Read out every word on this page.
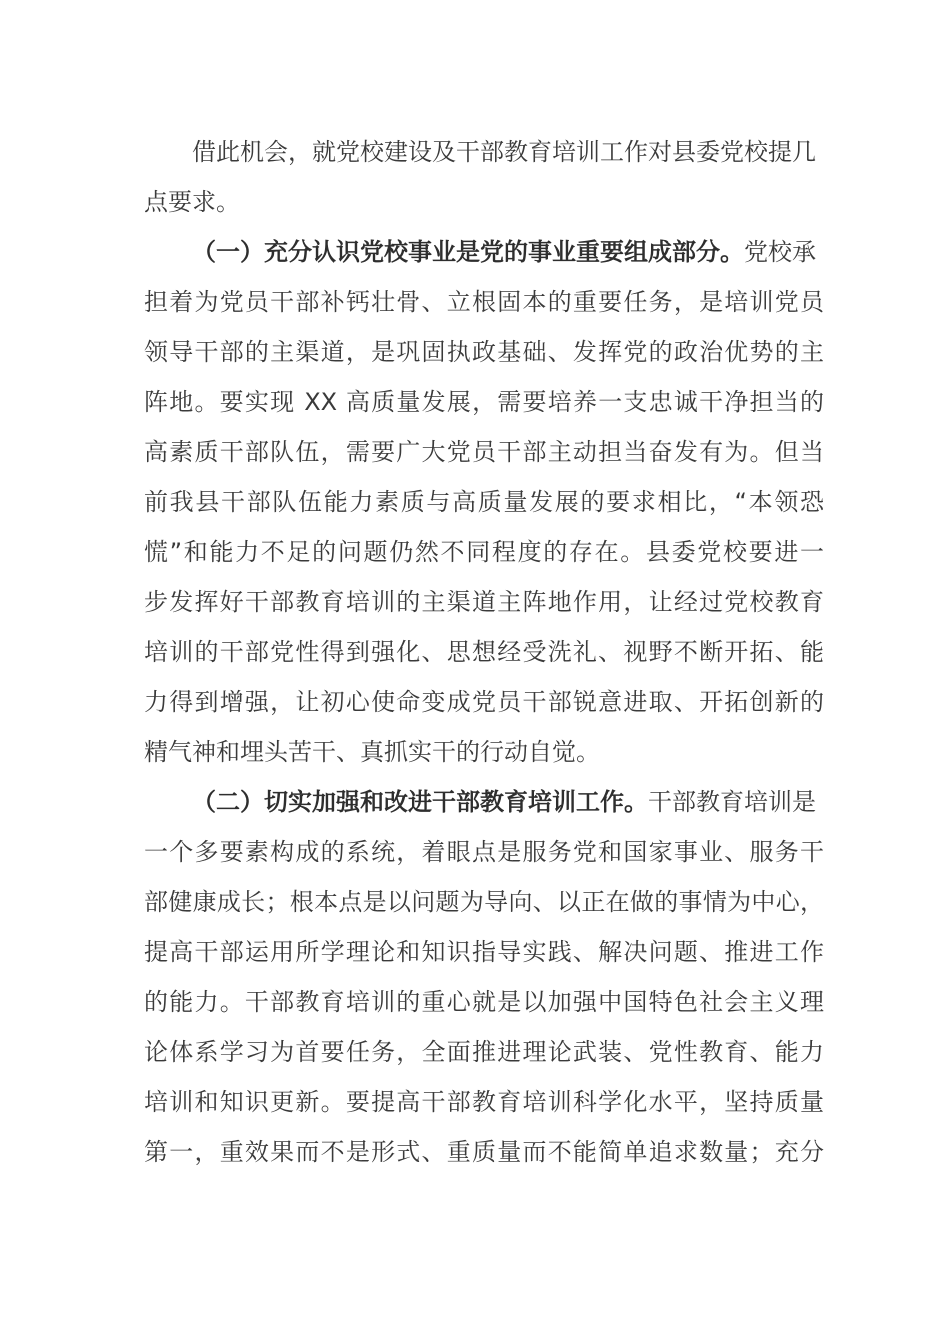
借此机会，就党校建设及干部教育培训工作对县委党校提几
点要求。
（一）充分认识党校事业是党的事业重要组成部分。党校承
担着为党员干部补钙壮骨、立根固本的重要任务，是培训党员
领导干部的主渠道，是巩固执政基础、发挥党的政治优势的主
阵地。要实现 XX 高质量发展，需要培养一支忠诚干净担当的
高素质干部队伍，需要广大党员干部主动担当奋发有为。但当
前我县干部队伍能力素质与高质量发展的要求相比，“本领恐
慌”和能力不足的问题仍然不同程度的存在。县委党校要进一
步发挥好干部教育培训的主渠道主阵地作用，让经过党校教育
培训的干部党性得到强化、思想经受洗礼、视野不断开拓、能
力得到增强，让初心使命变成党员干部锐意进取、开拓创新的
精气神和埋头苦干、真抓实干的行动自觉。
（二）切实加强和改进干部教育培训工作。干部教育培训是
一个多要素构成的系统，着眼点是服务党和国家事业、服务干
部健康成长；根本点是以问题为导向、以正在做的事情为中心，
提高干部运用所学理论和知识指导实践、解决问题、推进工作
的能力。干部教育培训的重心就是以加强中国特色社会主义理
论体系学习为首要任务，全面推进理论武装、党性教育、能力
培训和知识更新。要提高干部教育培训科学化水平，坚持质量
第一，重效果而不是形式、重质量而不能简单追求数量；充分
